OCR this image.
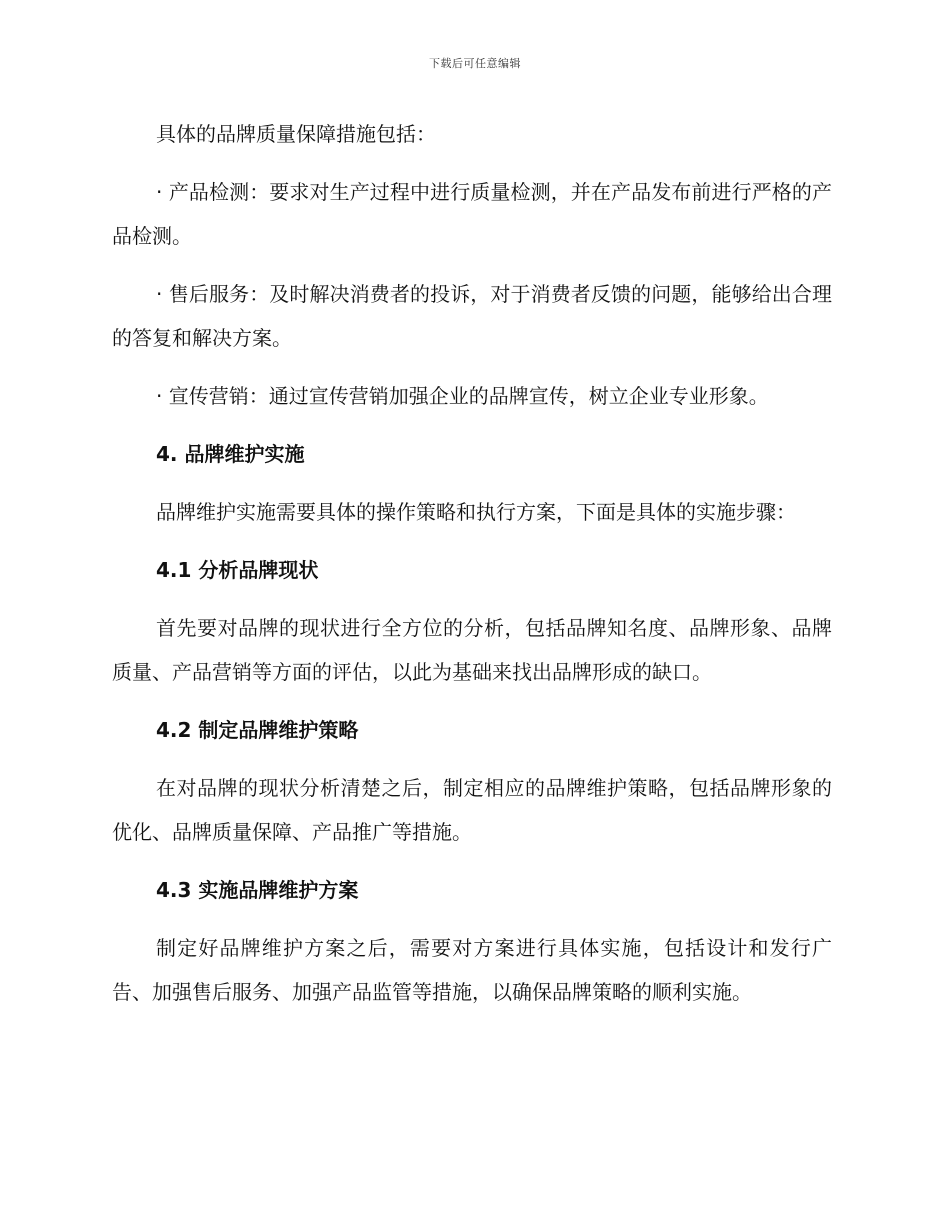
下载后可任意编辑

具体的品牌质量保障措施包括：

· 产品检测：要求对生产过程中进行质量检测，并在产品发布前进行严格的产品检测。

· 售后服务：及时解决消费者的投诉，对于消费者反馈的问题，能够给出合理的答复和解决方案。

· 宣传营销：通过宣传营销加强企业的品牌宣传，树立企业专业形象。

4. 品牌维护实施

品牌维护实施需要具体的操作策略和执行方案，下面是具体的实施步骤：

4.1 分析品牌现状

首先要对品牌的现状进行全方位的分析，包括品牌知名度、品牌形象、品牌质量、产品营销等方面的评估，以此为基础来找出品牌形成的缺口。

4.2 制定品牌维护策略

在对品牌的现状分析清楚之后，制定相应的品牌维护策略，包括品牌形象的优化、品牌质量保障、产品推广等措施。

4.3 实施品牌维护方案

制定好品牌维护方案之后，需要对方案进行具体实施，包括设计和发行广告、加强售后服务、加强产品监管等措施，以确保品牌策略的顺利实施。
